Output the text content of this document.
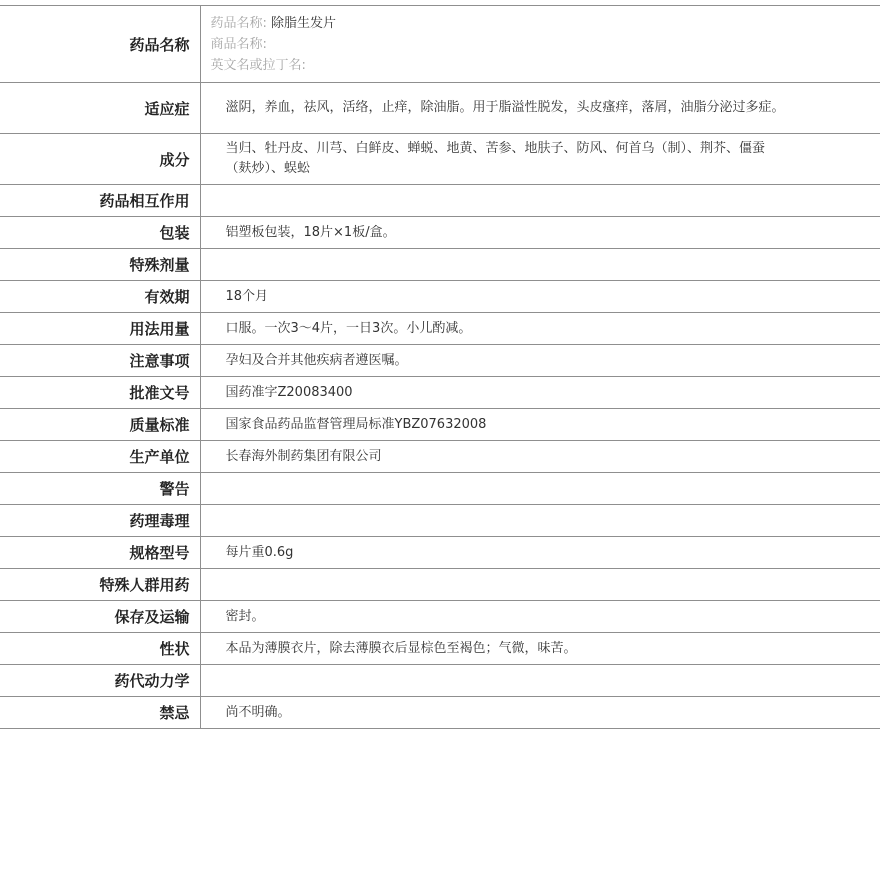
药品名称	药品名称: 除脂生发片
商品名称:
英文名或拉丁名:

适应症	滋阴，养血，祛风，活络，止痒，除油脂。用于脂溢性脱发，头皮瘙痒，落屑，油脂分泌过多症。
成分	当归、牡丹皮、川芎、白鲜皮、蝉蜕、地黄、苦参、地肤子、防风、何首乌（制）、荆芥、僵蚕（麸炒）、蜈蚣
药品相互作用	
包装	铝塑板包装，18片×1板/盒。
特殊剂量	
有效期	18个月
用法用量	口服。一次3～4片，一日3次。小儿酌减。
注意事项	孕妇及合并其他疾病者遵医嘱。
批准文号	国药准字Z20083400
质量标准	国家食品药品监督管理局标准YBZ07632008
生产单位	长春海外制药集团有限公司
警告	
药理毒理	
规格型号	每片重0.6g
特殊人群用药	
保存及运输	密封。
性状	本品为薄膜衣片，除去薄膜衣后显棕色至褐色；气微，味苦。
药代动力学	
禁忌	尚不明确。
